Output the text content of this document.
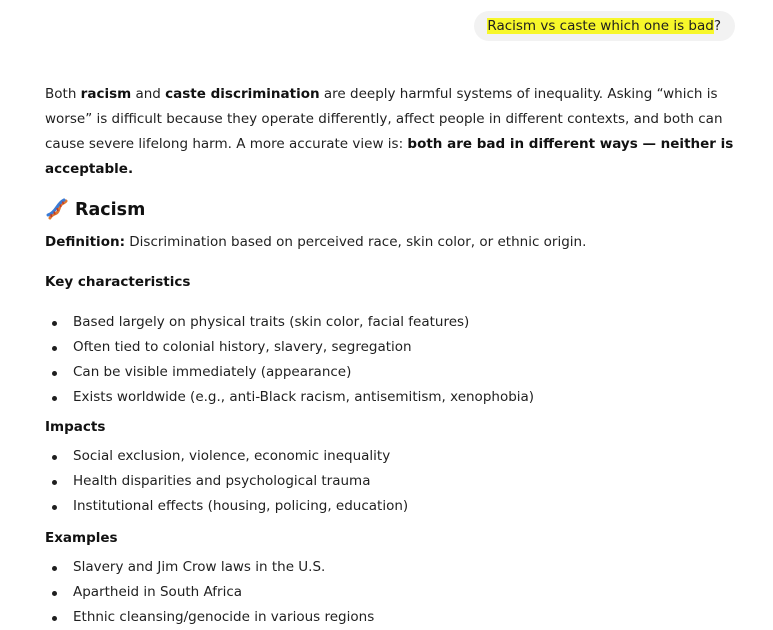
Racism vs caste which one is bad?

Both racism and caste discrimination are deeply harmful systems of inequality. Asking “which is worse” is difficult because they operate differently, affect people in different contexts, and both can cause severe lifelong harm. A more accurate view is: both are bad in different ways — neither is acceptable.

Racism

Definition: Discrimination based on perceived race, skin color, or ethnic origin.

Key characteristics
Based largely on physical traits (skin color, facial features)
Often tied to colonial history, slavery, segregation
Can be visible immediately (appearance)
Exists worldwide (e.g., anti-Black racism, antisemitism, xenophobia)
Impacts
Social exclusion, violence, economic inequality
Health disparities and psychological trauma
Institutional effects (housing, policing, education)
Examples
Slavery and Jim Crow laws in the U.S.
Apartheid in South Africa
Ethnic cleansing/genocide in various regions
